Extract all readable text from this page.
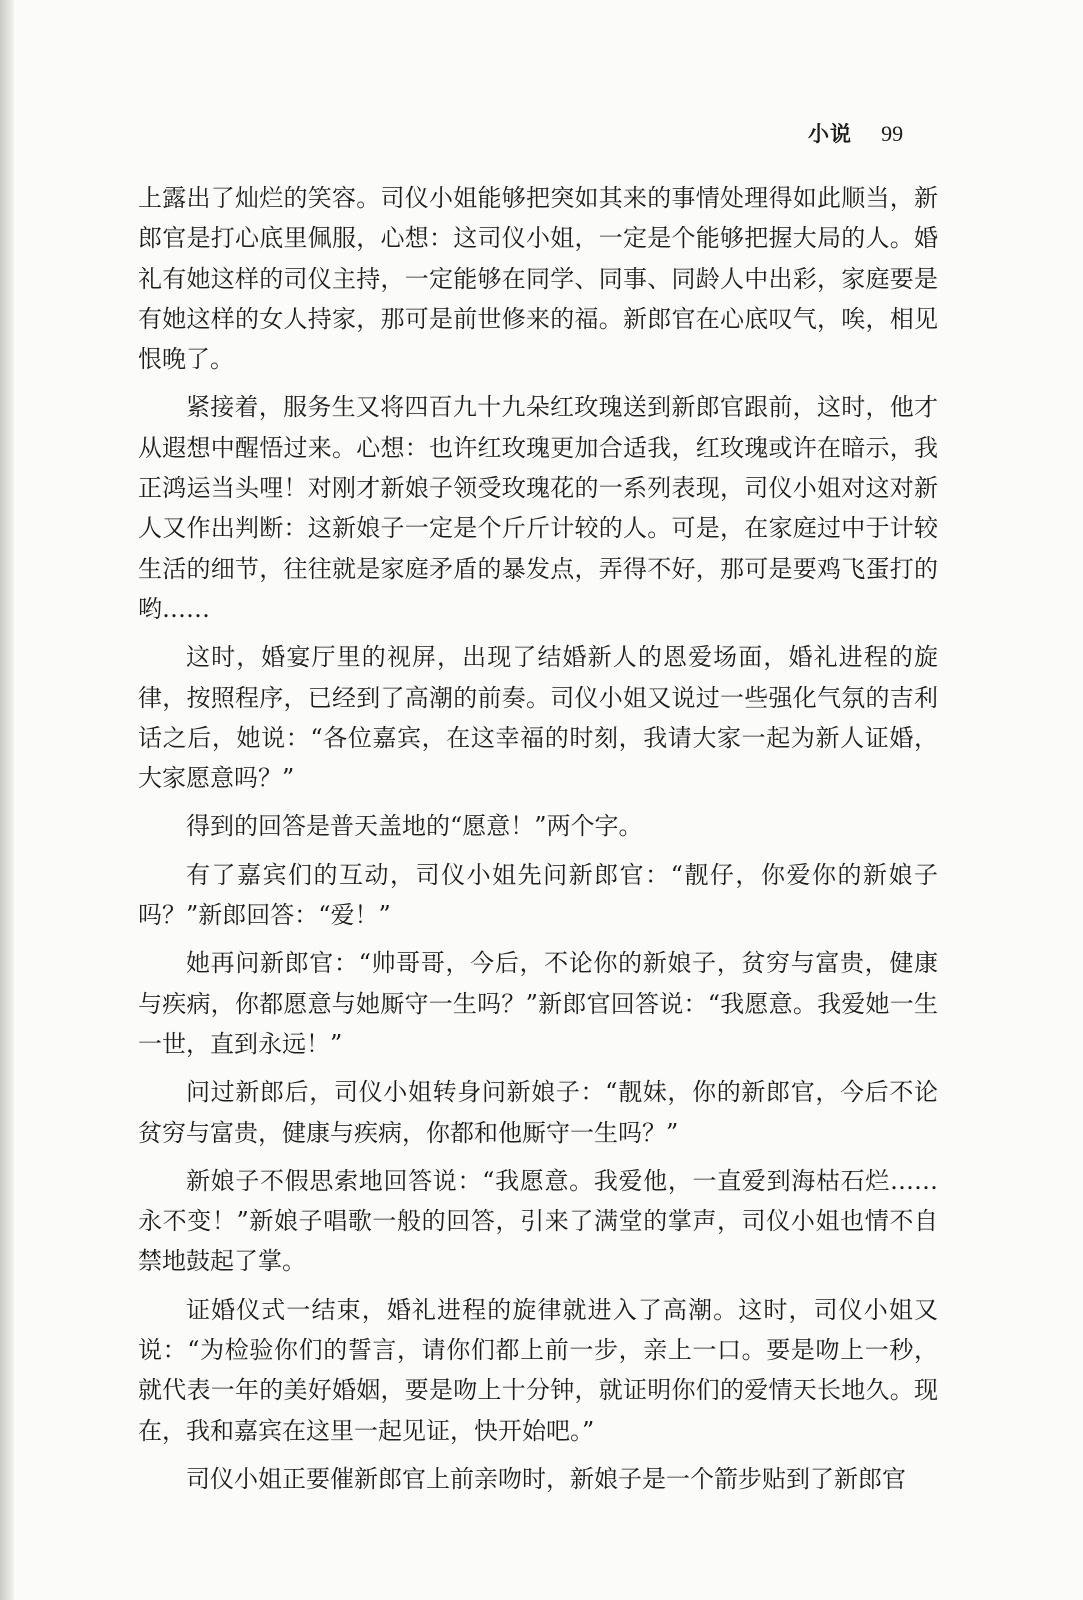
小说 99

上露出了灿烂的笑容。司仪小姐能够把突如其来的事情处理得如此顺当，新郎官是打心底里佩服，心想：这司仪小姐，一定是个能够把握大局的人。婚礼有她这样的司仪主持，一定能够在同学、同事、同龄人中出彩，家庭要是有她这样的女人持家，那可是前世修来的福。新郎官在心底叹气，唉，相见恨晚了。

紧接着，服务生又将四百九十九朵红玫瑰送到新郎官跟前，这时，他才从遐想中醒悟过来。心想：也许红玫瑰更加合适我，红玫瑰或许在暗示，我正鸿运当头哩！对刚才新娘子领受玫瑰花的一系列表现，司仪小姐对这对新人又作出判断：这新娘子一定是个斤斤计较的人。可是，在家庭过中于计较生活的细节，往往就是家庭矛盾的暴发点，弄得不好，那可是要鸡飞蛋打的哟……

这时，婚宴厅里的视屏，出现了结婚新人的恩爱场面，婚礼进程的旋律，按照程序，已经到了高潮的前奏。司仪小姐又说过一些强化气氛的吉利话之后，她说：“各位嘉宾，在这幸福的时刻，我请大家一起为新人证婚，大家愿意吗？”

得到的回答是普天盖地的“愿意！”两个字。

有了嘉宾们的互动，司仪小姐先问新郎官：“靓仔，你爱你的新娘子吗？”新郎回答：“爱！”

她再问新郎官：“帅哥哥，今后，不论你的新娘子，贫穷与富贵，健康与疾病，你都愿意与她厮守一生吗？”新郎官回答说：“我愿意。我爱她一生一世，直到永远！”

问过新郎后，司仪小姐转身问新娘子：“靓妹，你的新郎官，今后不论贫穷与富贵，健康与疾病，你都和他厮守一生吗？”

新娘子不假思索地回答说：“我愿意。我爱他，一直爱到海枯石烂……永不变！”新娘子唱歌一般的回答，引来了满堂的掌声，司仪小姐也情不自禁地鼓起了掌。

证婚仪式一结束，婚礼进程的旋律就进入了高潮。这时，司仪小姐又说：“为检验你们的誓言，请你们都上前一步，亲上一口。要是吻上一秒，就代表一年的美好婚姻，要是吻上十分钟，就证明你们的爱情天长地久。现在，我和嘉宾在这里一起见证，快开始吧。”

司仪小姐正要催新郎官上前亲吻时，新娘子是一个箭步贴到了新郎官
